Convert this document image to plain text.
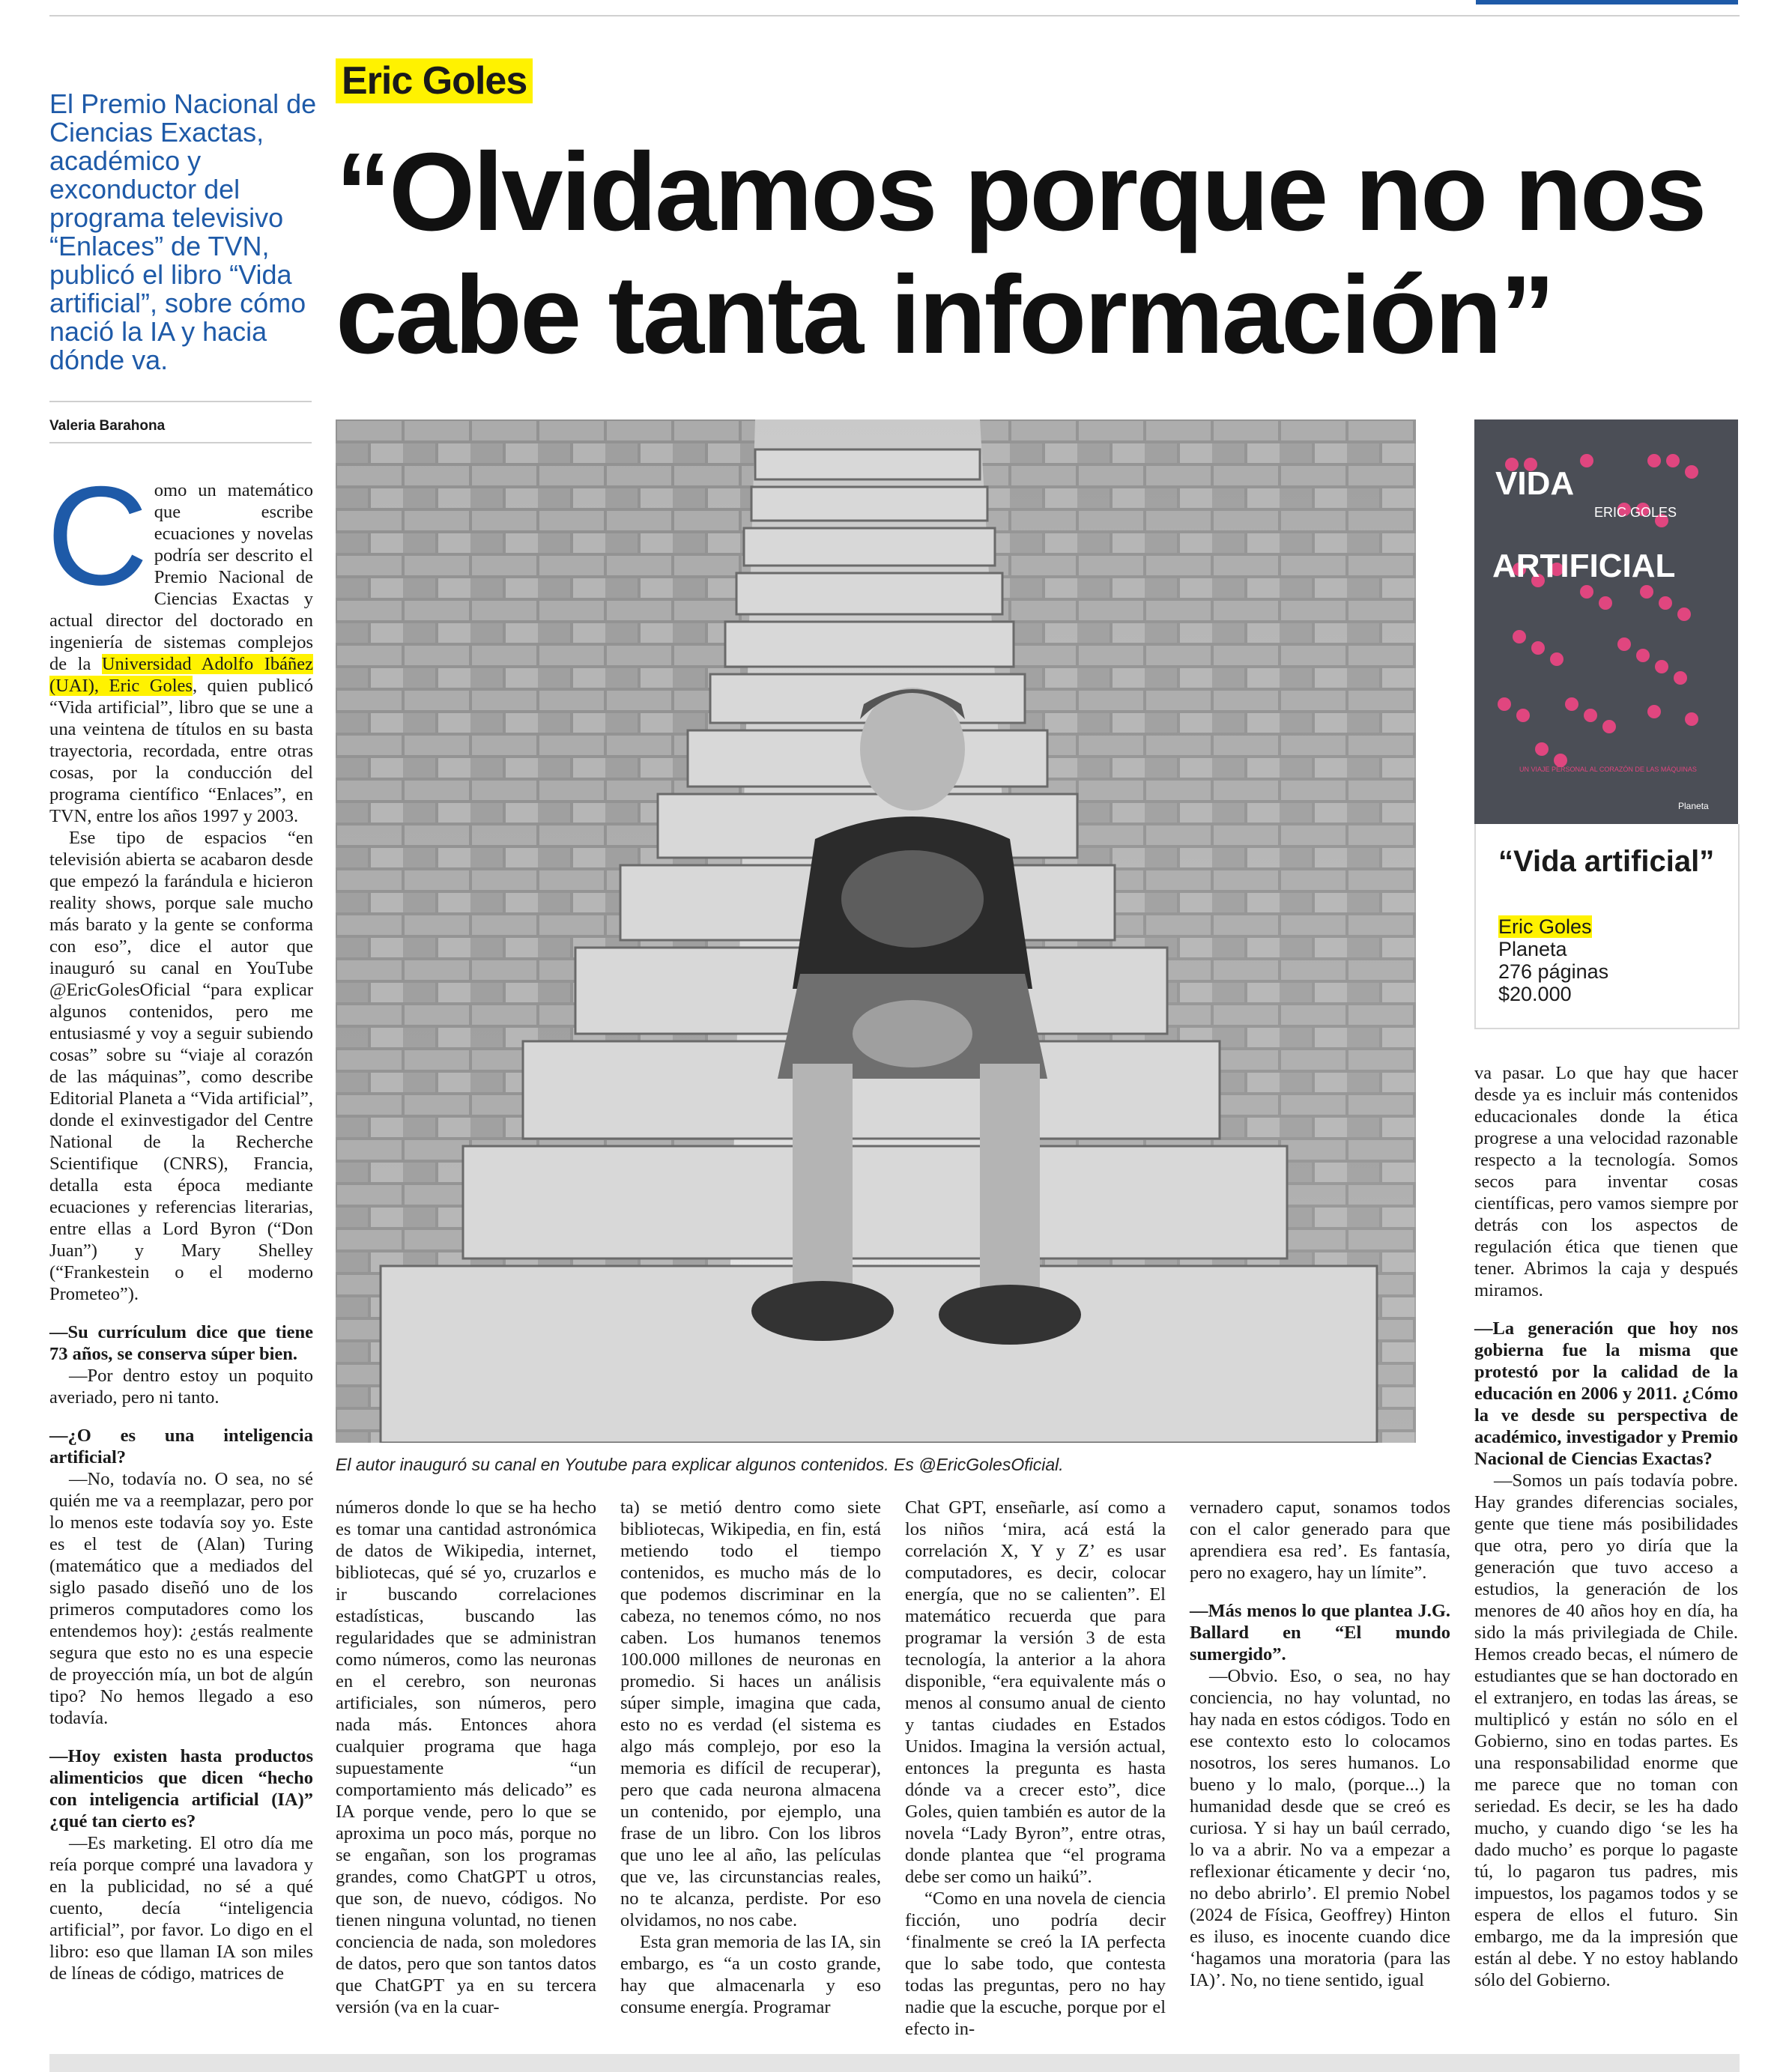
Eric Goles
“Olvidamos porque no nos
cabe tanta información”
El Premio Nacional de Ciencias Exactas, académico y exconductor del programa televisivo “Enlaces” de TVN, publicó el libro “Vida artificial”, sobre cómo nació la IA y hacia dónde va.
Valeria Barahona
El autor inauguró su canal en Youtube para explicar algunos contenidos. Es @EricGolesOficial.
VIDA
ERIC GOLES
ARTIFICIAL
UN VIAJE PERSONAL AL CORAZÓN DE LAS MÁQUINAS
Planeta
“Vida artificial”
Eric Goles
Planeta
276 páginas
$20.000

Como un matemático que escribe ecuaciones y novelas podría ser descrito el Premio Nacional de Ciencias Exactas y actual director del doctorado en ingeniería de sistemas complejos de la Universidad Adolfo Ibáñez (UAI), Eric Goles, quien publicó “Vida artificial”, libro que se une a una veintena de títulos en su basta trayectoria, recordada, entre otras cosas, por la conducción del programa científico “Enlaces”, en TVN, entre los años 1997 y 2003.

Ese tipo de espacios “en televisión abierta se acabaron desde que empezó la farándula e hicieron reality shows, porque sale mucho más barato y la gente se conforma con eso”, dice el autor que inauguró su canal en YouTube @EricGolesOficial “para explicar algunos contenidos, pero me entusiasmé y voy a seguir subiendo cosas” sobre su “viaje al corazón de las máquinas”, como describe Editorial Planeta a “Vida artificial”, donde el exinvestigador del Centre National de la Recherche Scientifique (CNRS), Francia, detalla esta época mediante ecuaciones y referencias literarias, entre ellas a Lord Byron (“Don Juan”) y Mary Shelley (“Frankestein o el moderno Prometeo”).

—Su currículum dice que tiene 73 años, se conserva súper bien.

—Por dentro estoy un poquito averiado, pero ni tanto.

—¿O es una inteligencia artificial?

—No, todavía no. O sea, no sé quién me va a reemplazar, pero por lo menos este todavía soy yo. Este es el test de (Alan) Turing (matemático que a mediados del siglo pasado diseñó uno de los primeros computadores como los entendemos hoy): ¿estás realmente segura que esto no es una especie de proyección mía, un bot de algún tipo? No hemos llegado a eso todavía.

—Hoy existen hasta productos alimenticios que dicen “hecho con inteligencia artificial (IA)” ¿qué tan cierto es?

—Es marketing. El otro día me reía porque compré una lavadora y en la publicidad, no sé a qué cuento, decía “inteligencia artificial”, por favor. Lo digo en el libro: eso que llaman IA son miles de líneas de código, matrices de

números donde lo que se ha hecho es tomar una cantidad astronómica de datos de Wikipedia, internet, bibliotecas, qué sé yo, cruzarlos e ir buscando correlaciones estadísticas, buscando las regularidades que se administran como números, como las neuronas en el cerebro, son neuronas artificiales, son números, pero nada más. Entonces ahora cualquier programa que haga supuestamente “un comportamiento más delicado” es IA porque vende, pero lo que se aproxima un poco más, porque no se engañan, son los programas grandes, como ChatGPT u otros, que son, de nuevo, códigos. No tienen ninguna voluntad, no tienen conciencia de nada, son moledores de datos, pero que son tantos datos que ChatGPT ya en su tercera versión (va en la cuar-

ta) se metió dentro como siete bibliotecas, Wikipedia, en fin, está metiendo todo el tiempo contenidos, es mucho más de lo que podemos discriminar en la cabeza, no tenemos cómo, no nos caben. Los humanos tenemos 100.000 millones de neuronas en promedio. Si haces un análisis súper simple, imagina que cada, esto no es verdad (el sistema es algo más complejo, por eso la memoria es difícil de recuperar), pero que cada neurona almacena un contenido, por ejemplo, una frase de un libro. Con los libros que uno lee al año, las películas que ve, las circunstancias reales, no te alcanza, perdiste. Por eso olvidamos, no nos cabe.

Esta gran memoria de las IA, sin embargo, es “a un costo grande, hay que almacenarla y eso consume energía. Programar

Chat GPT, enseñarle, así como a los niños ‘mira, acá está la correlación X, Y y Z’ es usar computadores, es decir, colocar energía, que no se calienten”. El matemático recuerda que para programar la versión 3 de esta tecnología, la anterior a la ahora disponible, “era equivalente más o menos al consumo anual de ciento y tantas ciudades en Estados Unidos. Imagina la versión actual, entonces la pregunta es hasta dónde va a crecer esto”, dice Goles, quien también es autor de la novela “Lady Byron”, entre otras, donde plantea que “el programa debe ser como un haikú”.

“Como en una novela de ciencia ficción, uno podría decir ‘finalmente se creó la IA perfecta que lo sabe todo, que contesta todas las preguntas, pero no hay nadie que la escuche, porque por el efecto in-

vernadero caput, sonamos todos con el calor generado para que aprendiera esa red’. Es fantasía, pero no exagero, hay un límite”.

—Más menos lo que plantea J.G. Ballard en “El mundo sumergido”.

—Obvio. Eso, o sea, no hay conciencia, no hay voluntad, no hay nada en estos códigos. Todo en ese contexto esto lo colocamos nosotros, los seres humanos. Lo bueno y lo malo, (porque...) la humanidad desde que se creó es curiosa. Y si hay un baúl cerrado, lo va a abrir. No va a empezar a reflexionar éticamente y decir ‘no, no debo abrirlo’. El premio Nobel (2024 de Física, Geoffrey) Hinton es iluso, es inocente cuando dice ‘hagamos una moratoria (para las IA)’. No, no tiene sentido, igual

va pasar. Lo que hay que hacer desde ya es incluir más contenidos educacionales donde la ética progrese a una velocidad razonable respecto a la tecnología. Somos secos para inventar cosas científicas, pero vamos siempre por detrás con los aspectos de regulación ética que tienen que tener. Abrimos la caja y después miramos.

—La generación que hoy nos gobierna fue la misma que protestó por la calidad de la educación en 2006 y 2011. ¿Cómo la ve desde su perspectiva de académico, investigador y Premio Nacional de Ciencias Exactas?

—Somos un país todavía pobre. Hay grandes diferencias sociales, gente que tiene más posibilidades que otra, pero yo diría que la generación que tuvo acceso a estudios, la generación de los menores de 40 años hoy en día, ha sido la más privilegiada de Chile. Hemos creado becas, el número de estudiantes que se han doctorado en el extranjero, en todas las áreas, se multiplicó y están no sólo en el Gobierno, sino en todas partes. Es una responsabilidad enorme que me parece que no toman con seriedad. Es decir, se les ha dado mucho, y cuando digo ‘se les ha dado mucho’ es porque lo pagaste tú, lo pagaron tus padres, mis impuestos, los pagamos todos y se espera de ellos el futuro. Sin embargo, me da la impresión que están al debe. Y no estoy hablando sólo del Gobierno.
